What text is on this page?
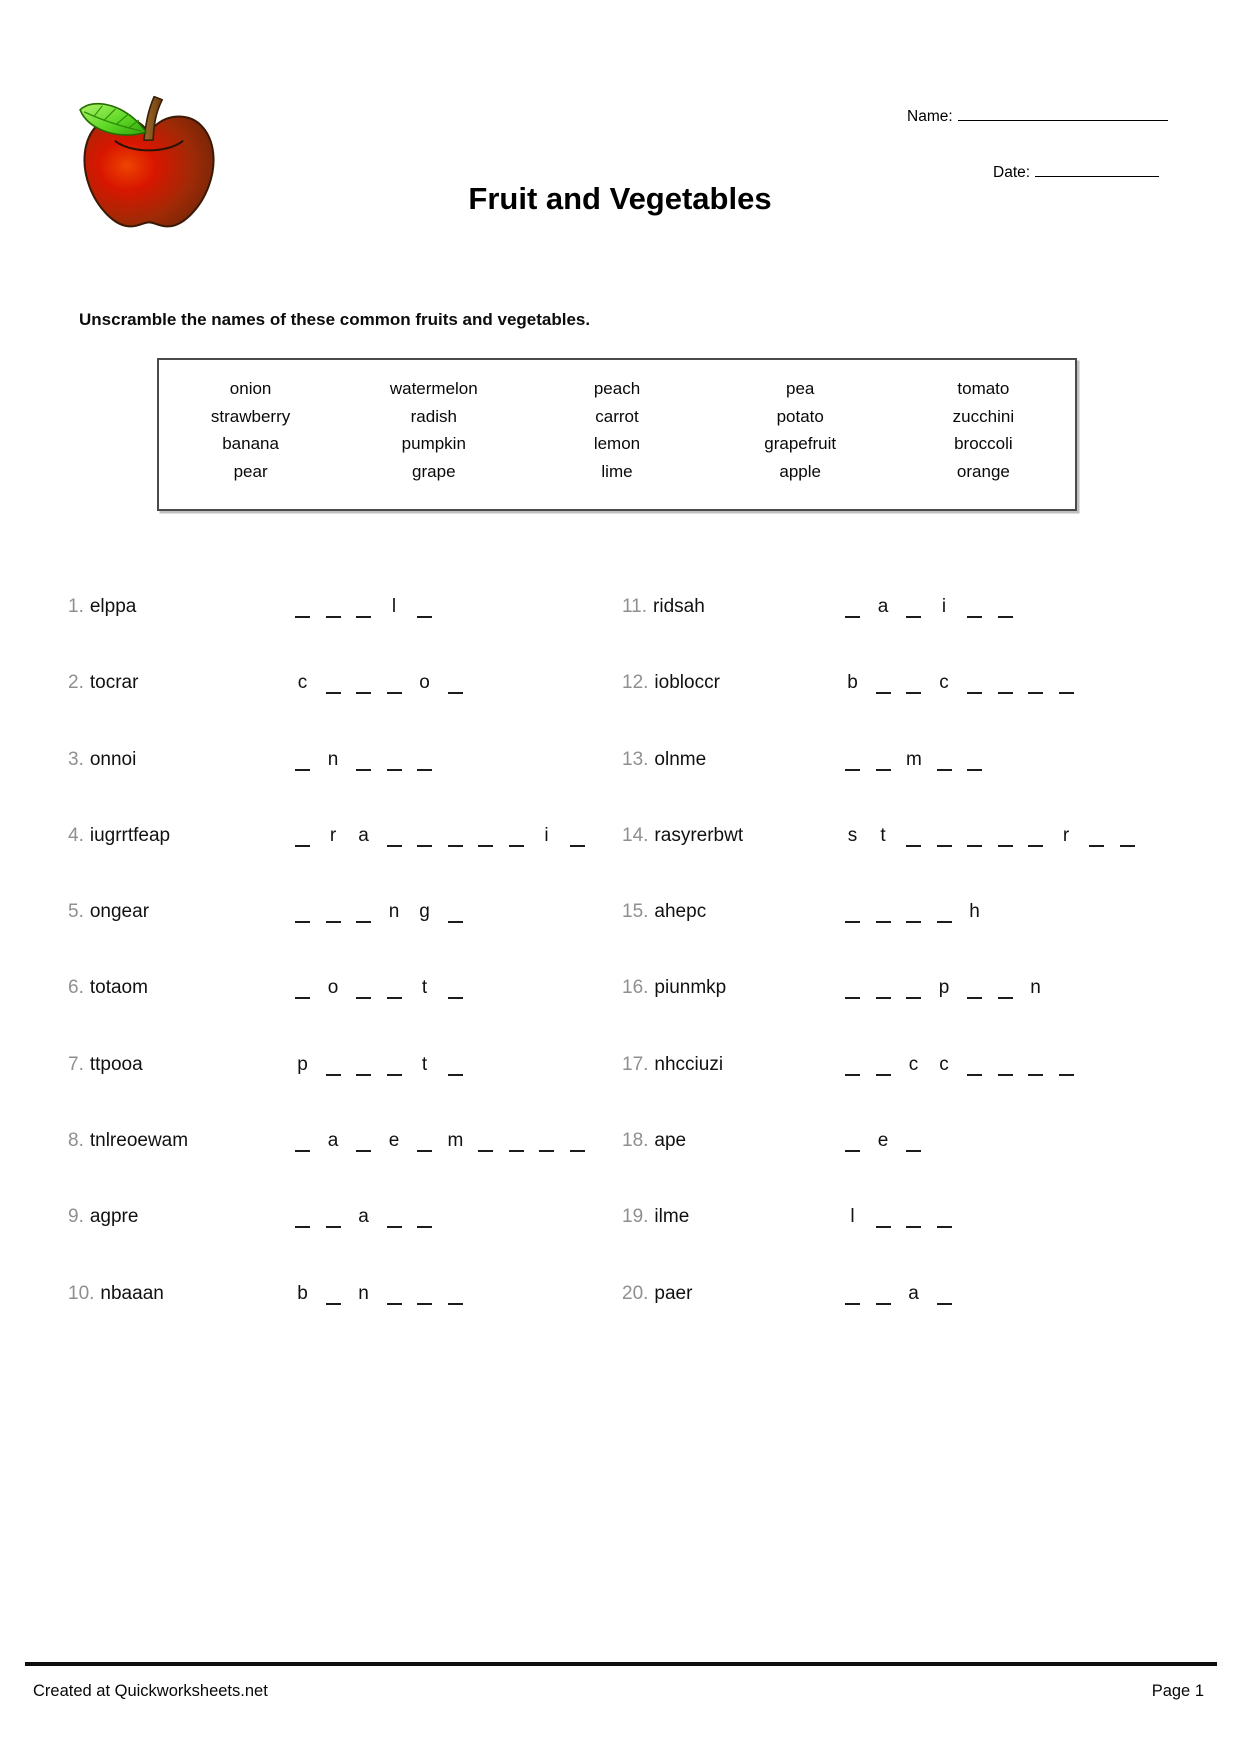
Fruit and Vegetables
Name:
Date:
Unscramble the names of these common fruits and vegetables.
onion	watermelon	peach	pea	tomato
strawberry	radish	carrot	potato	zucchini
banana	pumpkin	lemon	grapefruit	broccoli
pear	grape	lime	apple	orange
1. elppa	l
2. tocrar	c	o
3. onnoi	n
4. iugrrtfeap	r a	i
5. ongear	n g
6. totaom	o	t
7. ttpooa	p	t
8. tnlreoewam	a	e	m
9. agpre	a
10. nbaaan	b	n
11. ridsah	a	i
12. iobloccr	b	c
13. olnme	m
14. rasyrerbwt	s t	r
15. ahepc	h
16. piunmkp	p	n
17. nhcciuzi	c c
18. ape	e
19. ilme	l
20. paer	a
Created at Quickworksheets.net	Page 1
